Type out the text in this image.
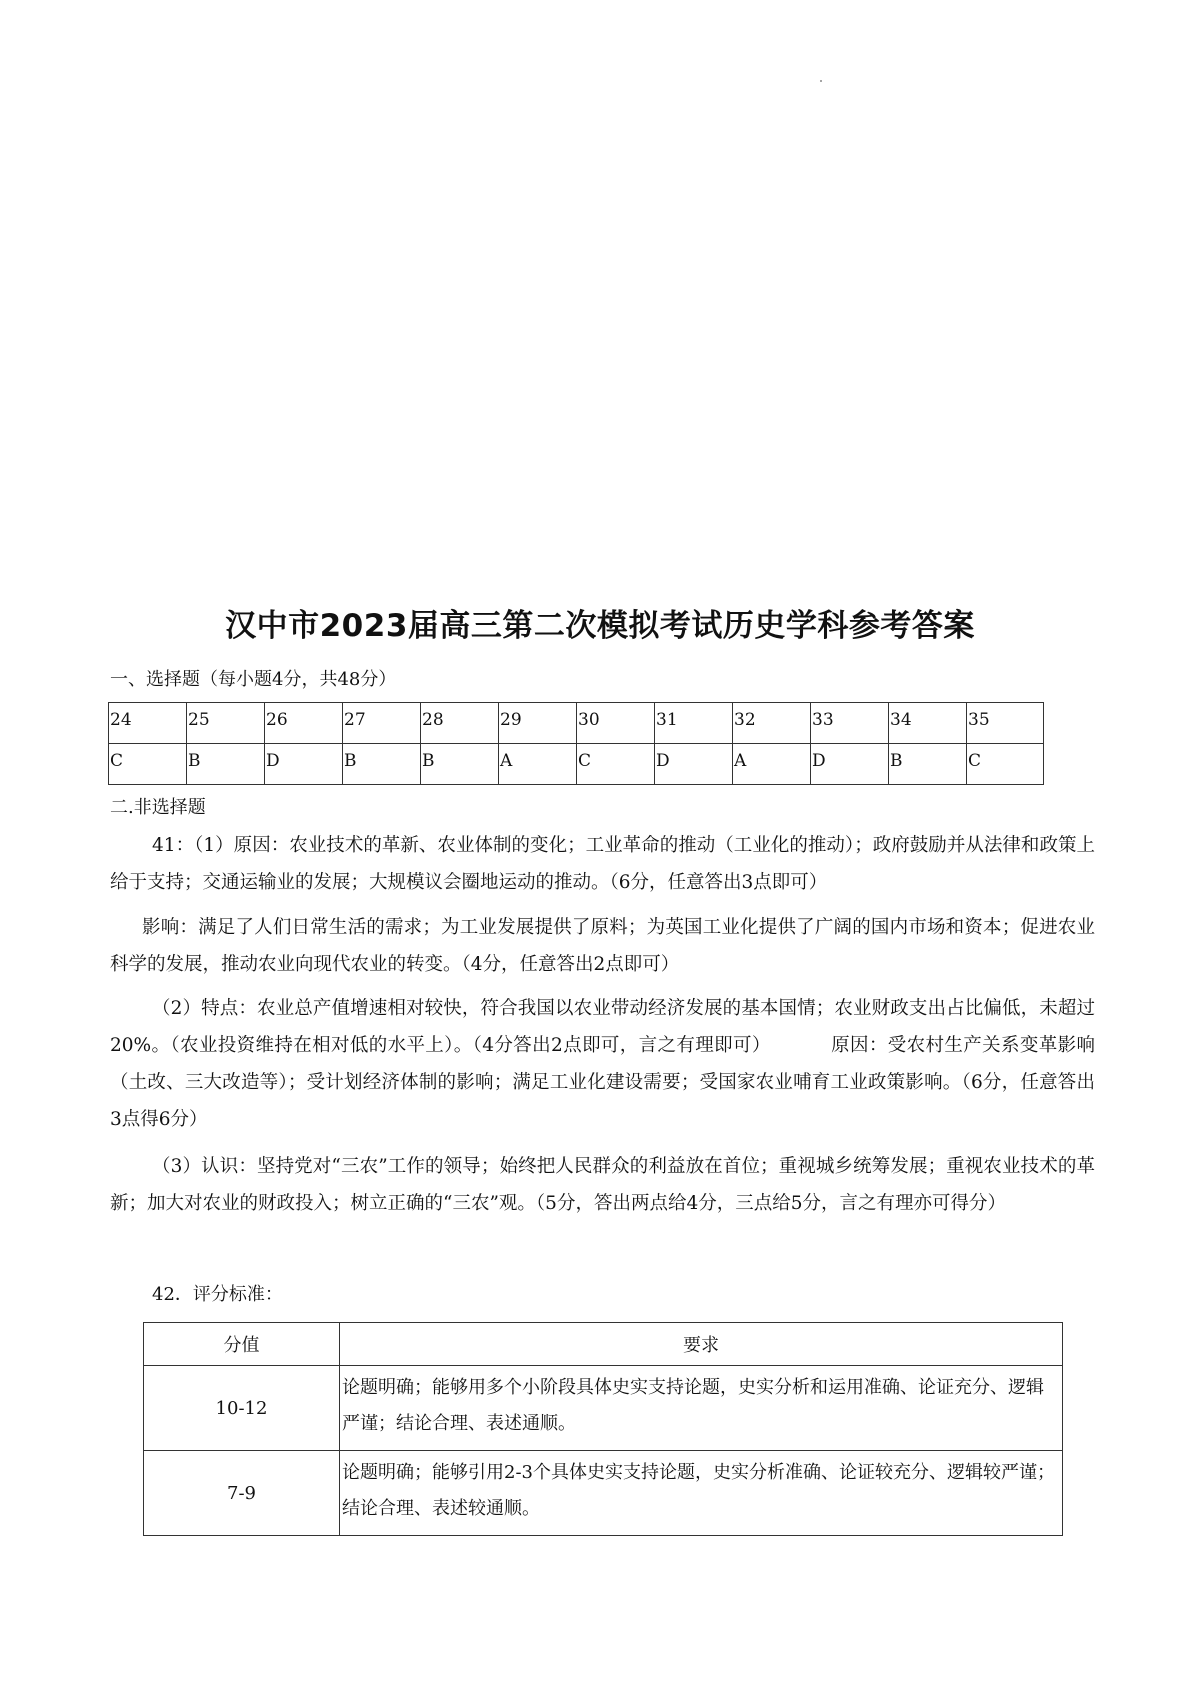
汉中市2023届高三第二次模拟考试历史学科参考答案
一、选择题（每小题4分，共48分）
24	25	26	27	28	29	30	31	32	33	34	35
C	B	D	B	B	A	C	D	A	D	B	C
二.非选择题
41：（1）原因：农业技术的革新、农业体制的变化；工业革命的推动（工业化的推动）；政府鼓励并从法律和政策上给于支持；交通运输业的发展；大规模议会圈地运动的推动。（6分，任意答出3点即可）
影响：满足了人们日常生活的需求；为工业发展提供了原料；为英国工业化提供了广阔的国内市场和资本；促进农业科学的发展，推动农业向现代农业的转变。（4分，任意答出2点即可）
（2）特点：农业总产值增速相对较快，符合我国以农业带动经济发展的基本国情；农业财政支出占比偏低，未超过20%。（农业投资维持在相对低的水平上）。（4分答出2点即可，言之有理即可）	原因：受农村生产关系变革影响（土改、三大改造等）；受计划经济体制的影响；满足工业化建设需要；受国家农业哺育工业政策影响。（6分，任意答出3点得6分）
（3）认识：坚持党对“三农”工作的领导；始终把人民群众的利益放在首位；重视城乡统筹发展；重视农业技术的革新；加大对农业的财政投入；树立正确的“三农”观。（5分，答出两点给4分，三点给5分，言之有理亦可得分）
42．评分标准：
分值	要求
10-12	论题明确；能够用多个小阶段具体史实支持论题，史实分析和运用准确、论证充分、逻辑严谨；结论合理、表述通顺。
7-9	论题明确；能够引用2-3个具体史实支持论题，史实分析准确、论证较充分、逻辑较严谨；结论合理、表述较通顺。
